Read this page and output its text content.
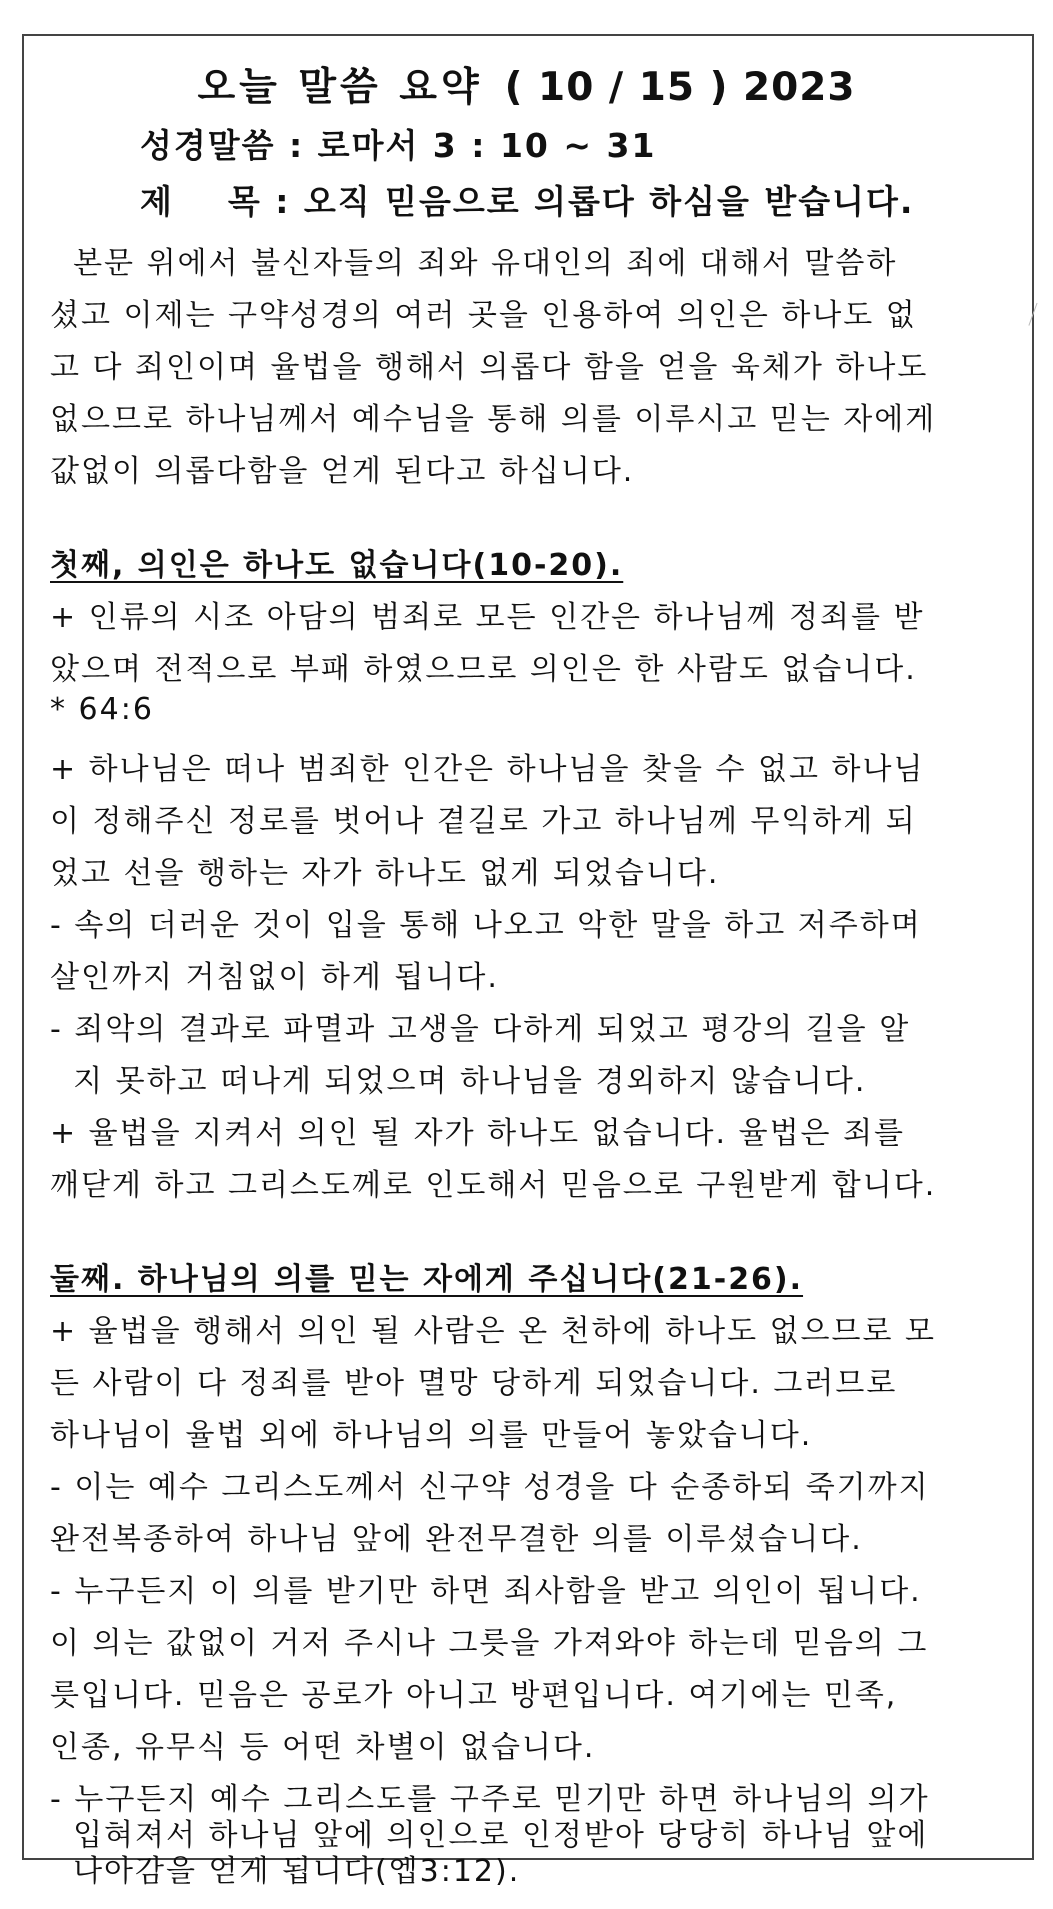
오늘 말씀 요약 ( 10 / 15 ) 2023
성경말씀 : 로마서 3 : 10 ~ 31
제    목 : 오직 믿음으로 의롭다 하심을 받습니다.
본문 위에서 불신자들의 죄와 유대인의 죄에 대해서 말씀하
셨고 이제는 구약성경의 여러 곳을 인용하여 의인은 하나도 없
고 다 죄인이며 율법을 행해서 의롭다 함을 얻을 육체가 하나도
없으므로 하나님께서 예수님을 통해 의를 이루시고 믿는 자에게
값없이 의롭다함을 얻게 된다고 하십니다.
첫째, 의인은 하나도 없습니다(10-20).
+ 인류의 시조 아담의 범죄로 모든 인간은 하나님께 정죄를 받
았으며 전적으로 부패 하였으므로 의인은 한 사람도 없습니다.
* 64:6
+ 하나님은 떠나 범죄한 인간은 하나님을 찾을 수 없고 하나님
이 정해주신 정로를 벗어나 곁길로 가고 하나님께 무익하게 되
었고 선을 행하는 자가 하나도 없게 되었습니다.
- 속의 더러운 것이 입을 통해 나오고 악한 말을 하고 저주하며
살인까지 거침없이 하게 됩니다.
- 죄악의 결과로 파멸과 고생을 다하게 되었고 평강의 길을 알
지 못하고 떠나게 되었으며 하나님을 경외하지 않습니다.
+ 율법을 지켜서 의인 될 자가 하나도 없습니다. 율법은 죄를
깨닫게 하고 그리스도께로 인도해서 믿음으로 구원받게 합니다.
둘째. 하나님의 의를 믿는 자에게 주십니다(21-26).
+ 율법을 행해서 의인 될 사람은 온 천하에 하나도 없으므로 모
든 사람이 다 정죄를 받아 멸망 당하게 되었습니다. 그러므로
하나님이 율법 외에 하나님의 의를 만들어 놓았습니다.
- 이는 예수 그리스도께서 신구약 성경을 다 순종하되 죽기까지
완전복종하여 하나님 앞에 완전무결한 의를 이루셨습니다.
- 누구든지 이 의를 받기만 하면 죄사함을 받고 의인이 됩니다.
이 의는 값없이 거저 주시나 그릇을 가져와야 하는데 믿음의 그
릇입니다. 믿음은 공로가 아니고 방편입니다. 여기에는 민족,
인종, 유무식 등 어떤 차별이 없습니다.
- 누구든지 예수 그리스도를 구주로 믿기만 하면 하나님의 의가
입혀져서 하나님 앞에 의인으로 인정받아 당당히 하나님 앞에
나아감을 얻게 됩니다(엡3:12).
